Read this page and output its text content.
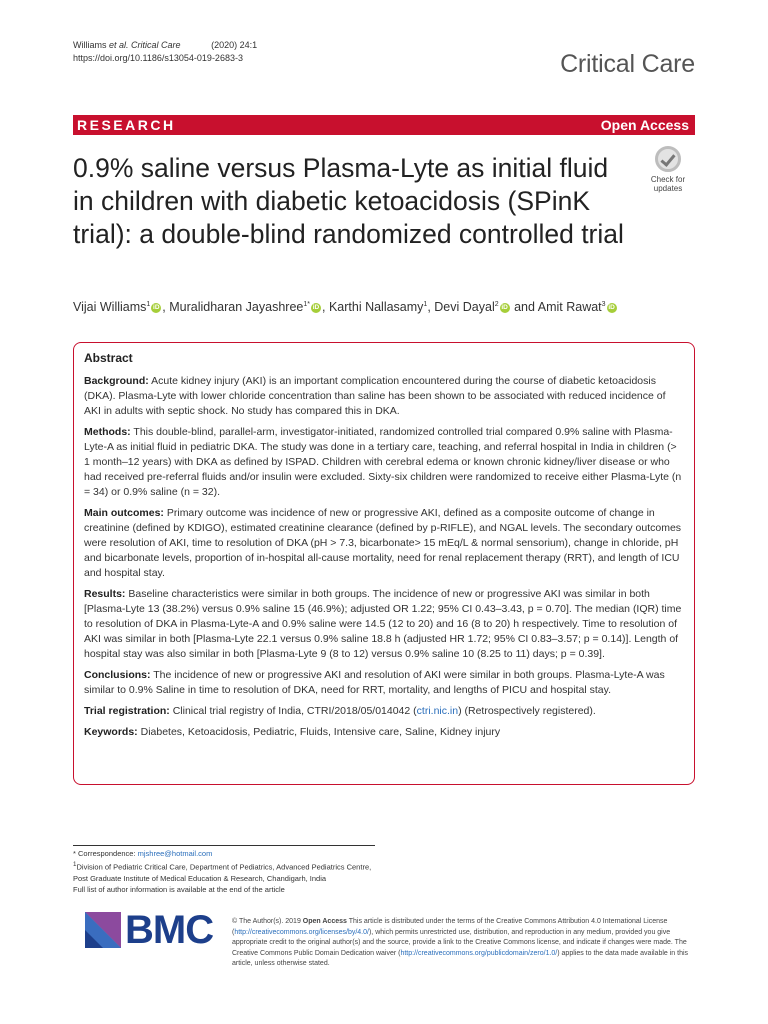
Williams et al. Critical Care	(2020) 24:1
https://doi.org/10.1186/s13054-019-2683-3	Critical Care
RESEARCH	Open Access
0.9% saline versus Plasma-Lyte as initial fluid in children with diabetic ketoacidosis (SPinK trial): a double-blind randomized controlled trial
Check for
updates
Vijai Williams$^1$ iD , Muralidharan Jayashree$^{1*}$ iD , Karthi Nallasamy$^1$, Devi Dayal$^2$ iD and Amit Rawat$^3$ iD
Abstract

Background: Acute kidney injury (AKI) is an important complication encountered during the course of diabetic ketoacidosis (DKA). Plasma-Lyte with lower chloride concentration than saline has been shown to be associated with reduced incidence of AKI in adults with septic shock. No study has compared this in DKA.

Methods: This double-blind, parallel-arm, investigator-initiated, randomized controlled trial compared 0.9% saline with Plasma-Lyte-A as initial fluid in pediatric DKA. The study was done in a tertiary care, teaching, and referral hospital in India in children (> 1 month–12 years) with DKA as defined by ISPAD. Children with cerebral edema or known chronic kidney/liver disease or who had received pre-referral fluids and/or insulin were excluded. Sixty-six children were randomized to receive either Plasma-Lyte (n = 34) or 0.9% saline (n = 32).

Main outcomes: Primary outcome was incidence of new or progressive AKI, defined as a composite outcome of change in creatinine (defined by KDIGO), estimated creatinine clearance (defined by p-RIFLE), and NGAL levels. The secondary outcomes were resolution of AKI, time to resolution of DKA (pH > 7.3, bicarbonate> 15 mEq/L & normal sensorium), change in chloride, pH and bicarbonate levels, proportion of in-hospital all-cause mortality, need for renal replacement therapy (RRT), and length of ICU and hospital stay.

Results: Baseline characteristics were similar in both groups. The incidence of new or progressive AKI was similar in both [Plasma-Lyte 13 (38.2%) versus 0.9% saline 15 (46.9%); adjusted OR 1.22; 95% CI 0.43–3.43, p = 0.70]. The median (IQR) time to resolution of DKA in Plasma-Lyte-A and 0.9% saline were 14.5 (12 to 20) and 16 (8 to 20) h respectively. Time to resolution of AKI was similar in both [Plasma-Lyte 22.1 versus 0.9% saline 18.8 h (adjusted HR 1.72; 95% CI 0.83–3.57; p = 0.14)]. Length of hospital stay was also similar in both [Plasma-Lyte 9 (8 to 12) versus 0.9% saline 10 (8.25 to 11) days; p = 0.39].

Conclusions: The incidence of new or progressive AKI and resolution of AKI were similar in both groups. Plasma-Lyte-A was similar to 0.9% Saline in time to resolution of DKA, need for RRT, mortality, and lengths of PICU and hospital stay.

Trial registration: Clinical trial registry of India, CTRI/2018/05/014042 (ctri.nic.in) (Retrospectively registered).

Keywords: Diabetes, Ketoacidosis, Pediatric, Fluids, Intensive care, Saline, Kidney injury

* Correspondence: mjshree@hotmail.com
$^1$Division of Pediatric Critical Care, Department of Pediatrics, Advanced Pediatrics Centre, Post Graduate Institute of Medical Education & Research, Chandigarh, India
Full list of author information is available at the end of the article
BMC	© The Author(s). 2019 Open Access This article is distributed under the terms of the Creative Commons Attribution 4.0 International License (http://creativecommons.org/licenses/by/4.0/), which permits unrestricted use, distribution, and reproduction in any medium, provided you give appropriate credit to the original author(s) and the source, provide a link to the Creative Commons license, and indicate if changes were made. The Creative Commons Public Domain Dedication waiver (http://creativecommons.org/publicdomain/zero/1.0/) applies to the data made available in this article, unless otherwise stated.
